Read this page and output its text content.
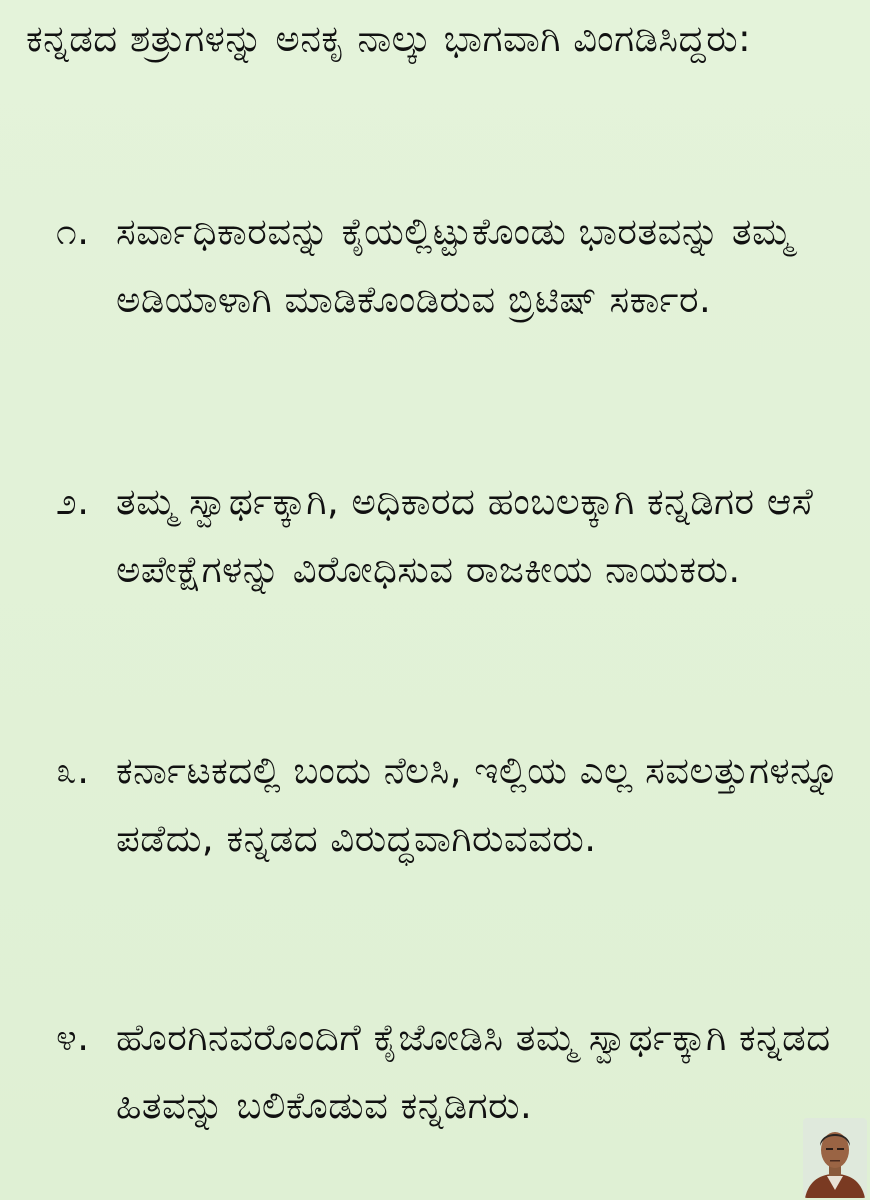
ಕನ್ನಡದ ಶತ್ರುಗಳನ್ನು ಅನಕೃ ನಾಲ್ಕು ಭಾಗವಾಗಿ ವಿಂಗಡಿಸಿದ್ದರು:
೧. ಸರ್ವಾಧಿಕಾರವನ್ನು ಕೈಯಲ್ಲಿಟ್ಟುಕೊಂಡು ಭಾರತವನ್ನು ತಮ್ಮ ಅಡಿಯಾಳಾಗಿ ಮಾಡಿಕೊಂಡಿರುವ ಬ್ರಿಟಿಷ್ ಸರ್ಕಾರ.
೨. ತಮ್ಮ ಸ್ವಾರ್ಥಕ್ಕಾಗಿ, ಅಧಿಕಾರದ ಹಂಬಲಕ್ಕಾಗಿ ಕನ್ನಡಿಗರ ಆಸೆ ಅಪೇಕ್ಷೆಗಳನ್ನು ವಿರೋಧಿಸುವ ರಾಜಕೀಯ ನಾಯಕರು.
೩. ಕರ್ನಾಟಕದಲ್ಲಿ ಬಂದು ನೆಲಸಿ, ಇಲ್ಲಿಯ ಎಲ್ಲ ಸವಲತ್ತುಗಳನ್ನೂ ಪಡೆದು, ಕನ್ನಡದ ವಿರುದ್ಧವಾಗಿರುವವರು.
೪. ಹೊರಗಿನವರೊಂದಿಗೆ ಕೈಜೋಡಿಸಿ ತಮ್ಮ ಸ್ವಾರ್ಥಕ್ಕಾಗಿ ಕನ್ನಡದ ಹಿತವನ್ನು ಬಲಿಕೊಡುವ ಕನ್ನಡಿಗರು.
